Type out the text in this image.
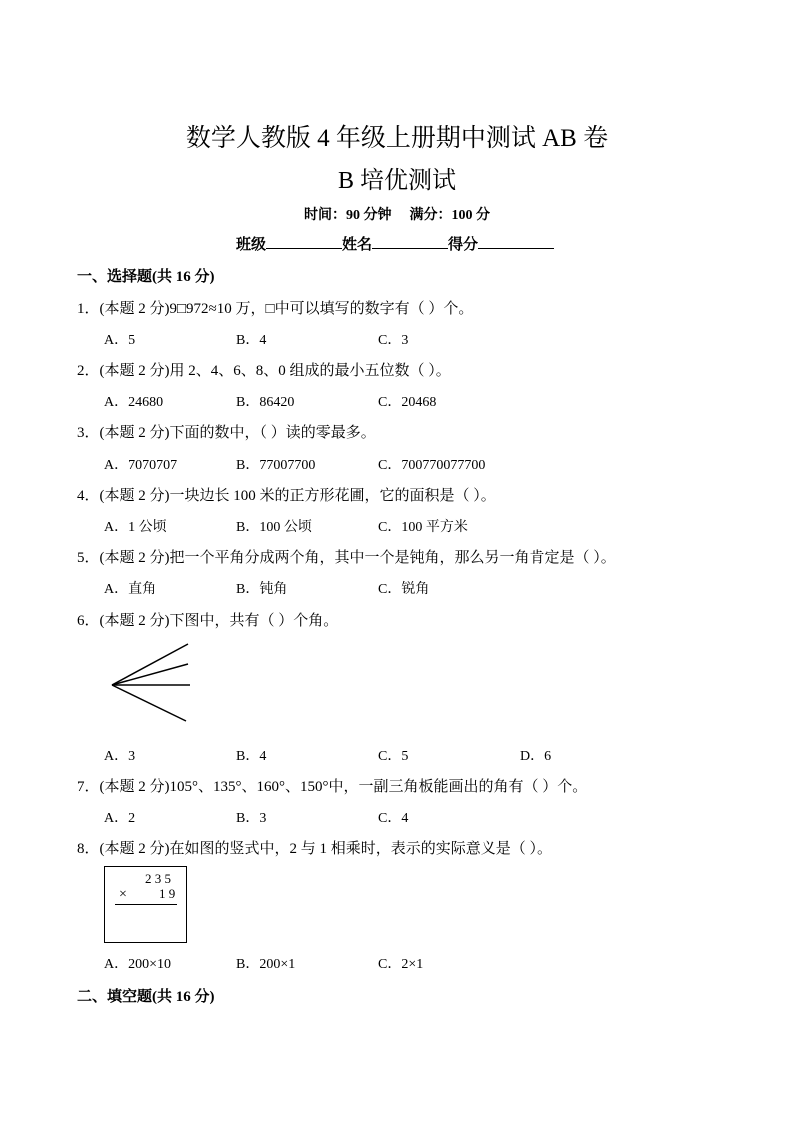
数学人教版 4 年级上册期中测试 AB 卷
B 培优测试
时间：90 分钟 满分：100 分
班级	姓名	得分
一、选择题(共 16 分)
1．(本题 2 分)9□972≈10 万，□中可以填写的数字有（ ）个。
A．5	B．4	C．3
2．(本题 2 分)用 2、4、6、8、0 组成的最小五位数（ ）。
A．24680	B．86420	C．20468
3．(本题 2 分)下面的数中，（ ）读的零最多。
A．7070707	B．77007700	C．700770077700
4．(本题 2 分)一块边长 100 米的正方形花圃，它的面积是（ ）。
A．1 公顷	B．100 公顷	C．100 平方米
5．(本题 2 分)把一个平角分成两个角，其中一个是钝角，那么另一角肯定是（ ）。
A．直角	B．钝角	C．锐角
6．(本题 2 分)下图中，共有（ ）个角。
A．3	B．4	C．5	D．6
7．(本题 2 分)105°、135°、160°、150°中，一副三角板能画出的角有（ ）个。
A．2	B．3	C．4
8．(本题 2 分)在如图的竖式中，2 与 1 相乘时，表示的实际意义是（ ）。
2 3 5
× 1 9
A．200×10	B．200×1	C．2×1
二、填空题(共 16 分)
